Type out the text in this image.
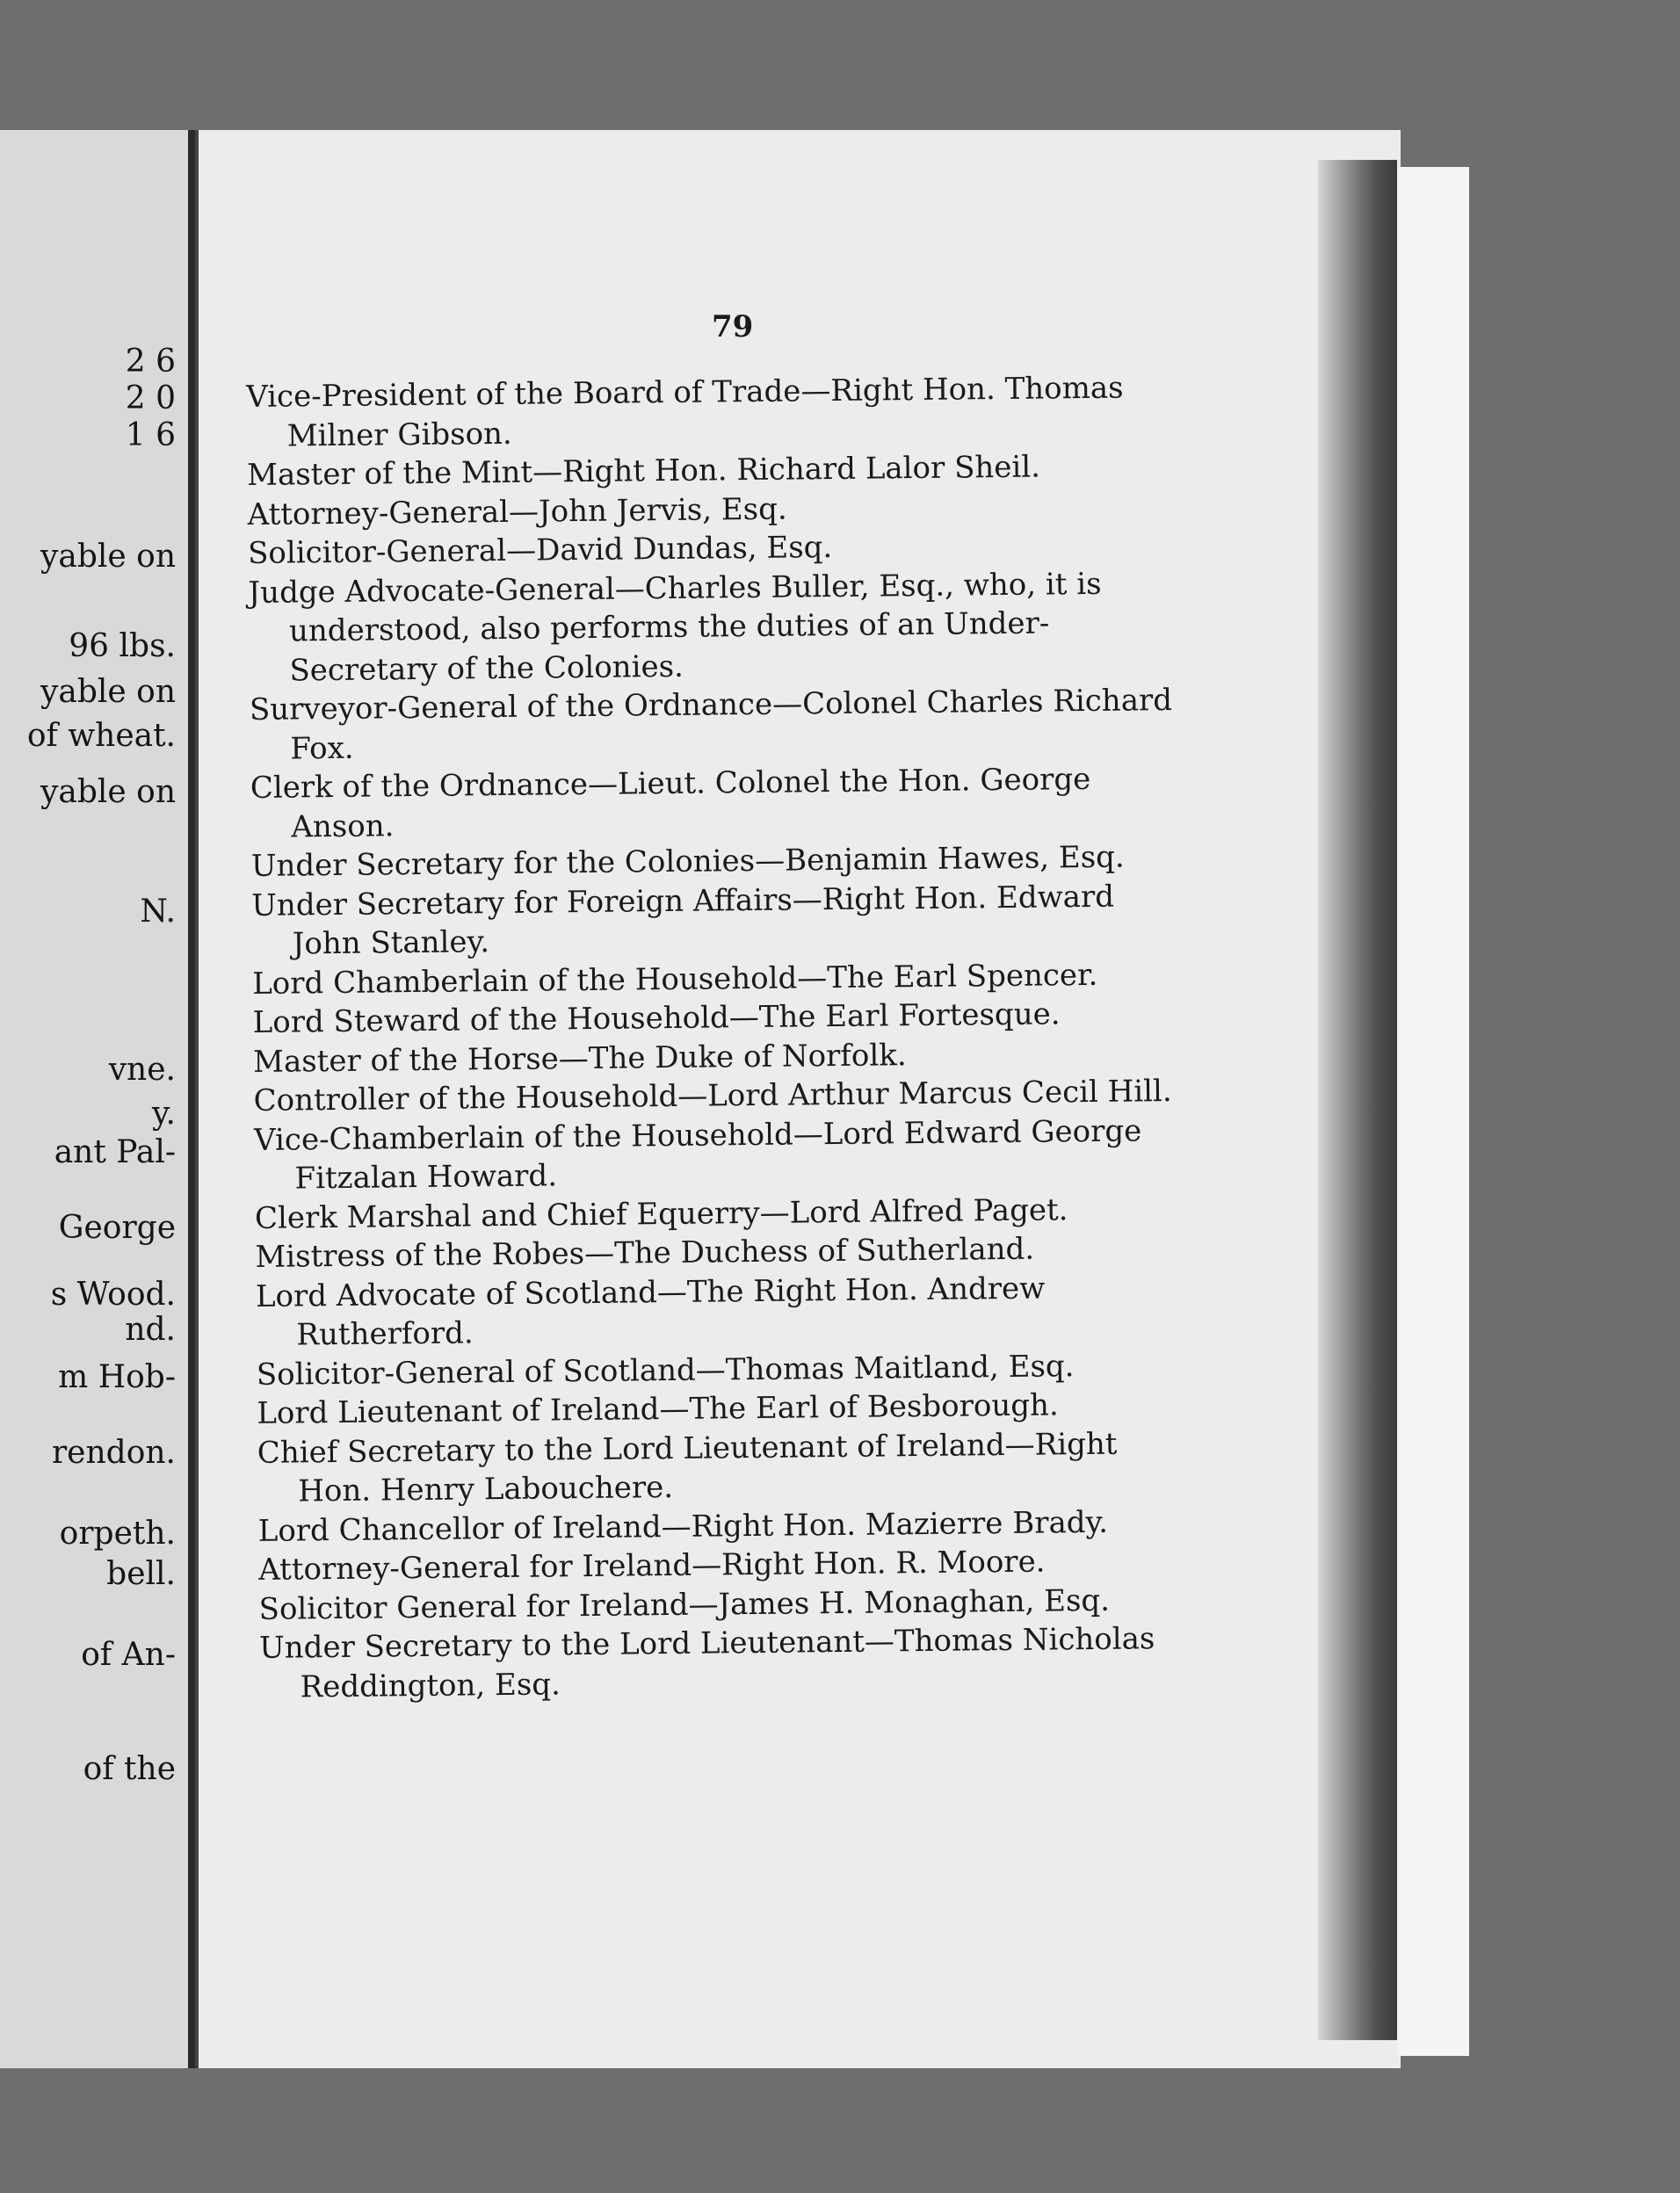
2 6
2 0
1 6
yable on
96 lbs.
yable on
of wheat.
yable on
N.
vne.
y.
ant Pal-
George
s Wood.
nd.
m Hob-
rendon.
orpeth.
bell.
of An-
of the
79

Vice-President of the Board of Trade—Right Hon. Thomas Milner Gibson.

Master of the Mint—Right Hon. Richard Lalor Sheil.

Attorney-General—John Jervis, Esq.

Solicitor-General—David Dundas, Esq.

Judge Advocate-General—Charles Buller, Esq., who, it is understood, also performs the duties of an Under-Secretary of the Colonies.

Surveyor-General of the Ordnance—Colonel Charles Richard Fox.

Clerk of the Ordnance—Lieut. Colonel the Hon. George Anson.

Under Secretary for the Colonies—Benjamin Hawes, Esq.

Under Secretary for Foreign Affairs—Right Hon. Edward John Stanley.

Lord Chamberlain of the Household—The Earl Spencer.

Lord Steward of the Household—The Earl Fortesque.

Master of the Horse—The Duke of Norfolk.

Controller of the Household—Lord Arthur Marcus Cecil Hill.

Vice-Chamberlain of the Household—Lord Edward George Fitzalan Howard.

Clerk Marshal and Chief Equerry—Lord Alfred Paget.

Mistress of the Robes—The Duchess of Sutherland.

Lord Advocate of Scotland—The Right Hon. Andrew Rutherford.

Solicitor-General of Scotland—Thomas Maitland, Esq.

Lord Lieutenant of Ireland—The Earl of Besborough.

Chief Secretary to the Lord Lieutenant of Ireland—Right Hon. Henry Labouchere.

Lord Chancellor of Ireland—Right Hon. Mazierre Brady.

Attorney-General for Ireland—Right Hon. R. Moore.

Solicitor General for Ireland—James H. Monaghan, Esq.

Under Secretary to the Lord Lieutenant—Thomas Nicholas Reddington, Esq.
